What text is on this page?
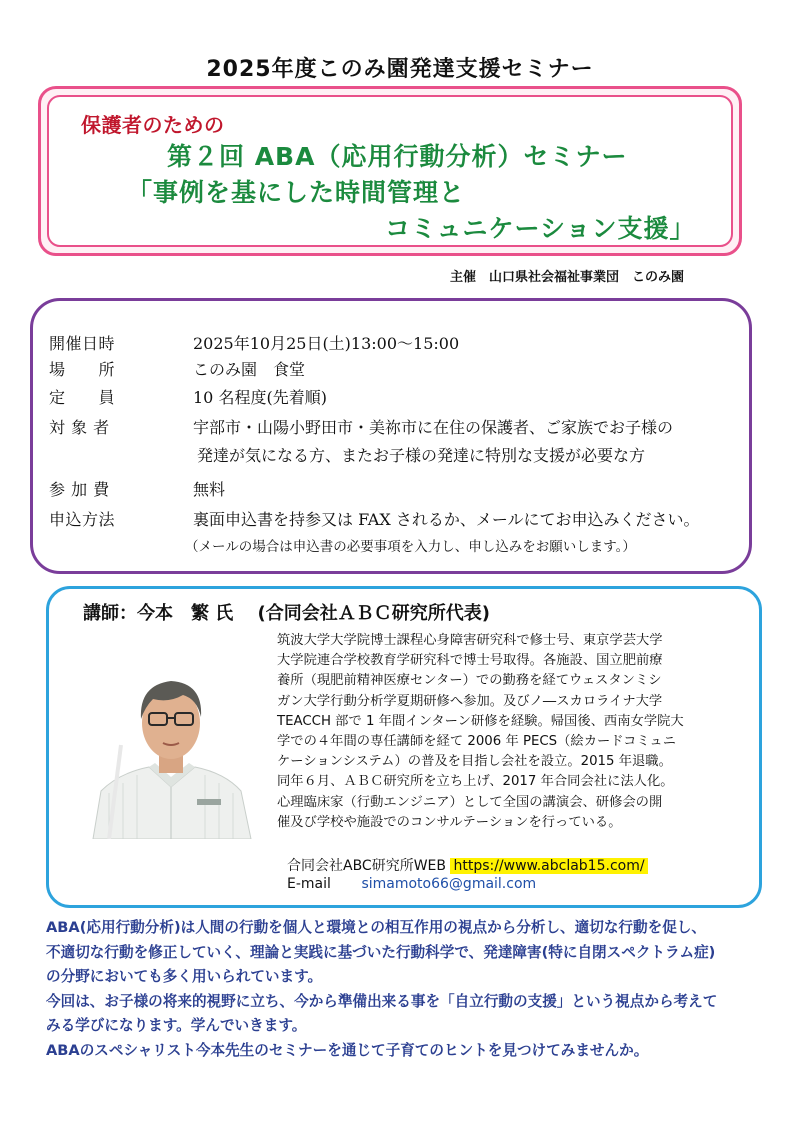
2025年度このみ園発達支援セミナー
保護者のための
第２回 ABA（応用行動分析）セミナー
「事例を基にした時間管理と
コミュニケーション支援」
主催　山口県社会福祉事業団　このみ園
開催日時	2025年10月25日(土)13:00～15:00
場　　所	このみ園　食堂
定　　員	10 名程度(先着順)
対 象 者	宇部市・山陽小野田市・美祢市に在住の保護者、ご家族でお子様の
発達が気になる方、またお子様の発達に特別な支援が必要な方
参 加 費	無料
申込方法	裏面申込書を持参又は FAX されるか、メールにてお申込みください。
（メールの場合は申込書の必要事項を入力し、申し込みをお願いします。）
講師：今本　繁 氏　 (合同会社ＡＢＣ研究所代表)
筑波大学大学院博士課程心身障害研究科で修士号、東京学芸大学
大学院連合学校教育学研究科で博士号取得。各施設、国立肥前療
養所（現肥前精神医療センター）での勤務を経てウェスタンミシ
ガン大学行動分析学夏期研修へ参加。及びノ―スカロライナ大学
TEACCH 部で 1 年間インターン研修を経験。帰国後、西南女学院大
学での４年間の専任講師を経て 2006 年 PECS（絵カードコミュニ
ケーションシステム）の普及を目指し会社を設立。2015 年退職。
同年６月、ＡＢＣ研究所を立ち上げ、2017 年合同会社に法人化。
心理臨床家（行動エンジニア）として全国の講演会、研修会の開
催及び学校や施設でのコンサルテーションを行っている。
合同会社ABC研究所WEB https://www.abclab15.com/
E-mail simamoto66@gmail.com
ABA(応用行動分析)は人間の行動を個人と環境との相互作用の視点から分析し、適切な行動を促し、
不適切な行動を修正していく、理論と実践に基づいた行動科学で、発達障害(特に自閉スペクトラム症)
の分野においても多く用いられています。
今回は、お子様の将来的視野に立ち、今から準備出来る事を「自立行動の支援」という視点から考えて
みる学びになります。学んでいきます。
ABAのスペシャリスト今本先生のセミナーを通じて子育てのヒントを見つけてみませんか。
